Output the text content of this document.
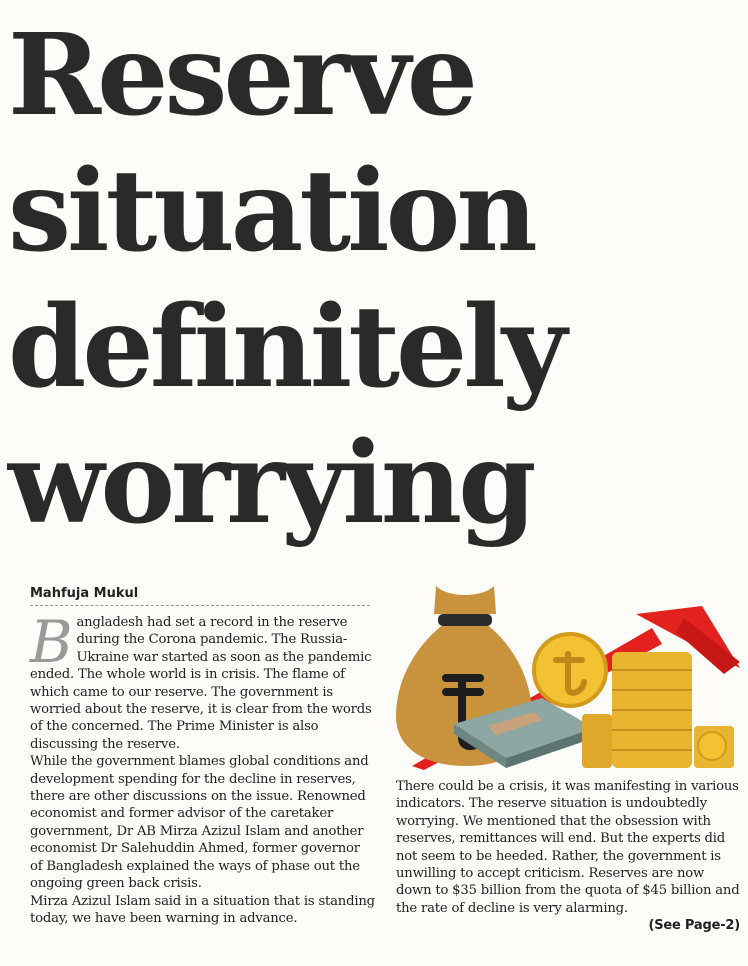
Reserve
situation
definitely
worrying
Mahfuja Mukul

B angladesh had set a record in the reserve during the Corona pandemic. The Russia-Ukraine war started as soon as the pandemic ended. The whole world is in crisis. The flame of which came to our reserve. The government is worried about the reserve, it is clear from the words of the concerned. The Prime Minister is also discussing the reserve.

While the government blames global conditions and development spending for the decline in reserves, there are other discussions on the issue. Renowned economist and former advisor of the caretaker government, Dr AB Mirza Azizul Islam and another economist Dr Salehuddin Ahmed, former governor of Bangladesh explained the ways of phase out the ongoing green back crisis.

Mirza Azizul Islam said in a situation that is standing today, we have been warning in advance.

There could be a crisis, it was manifesting in various indicators. The reserve situation is undoubtedly worrying. We mentioned that the obsession with reserves, remittances will end. But the experts did not seem to be heeded. Rather, the government is unwilling to accept criticism. Reserves are now down to $35 billion from the quota of $45 billion and the rate of decline is very alarming.

(See Page-2)
